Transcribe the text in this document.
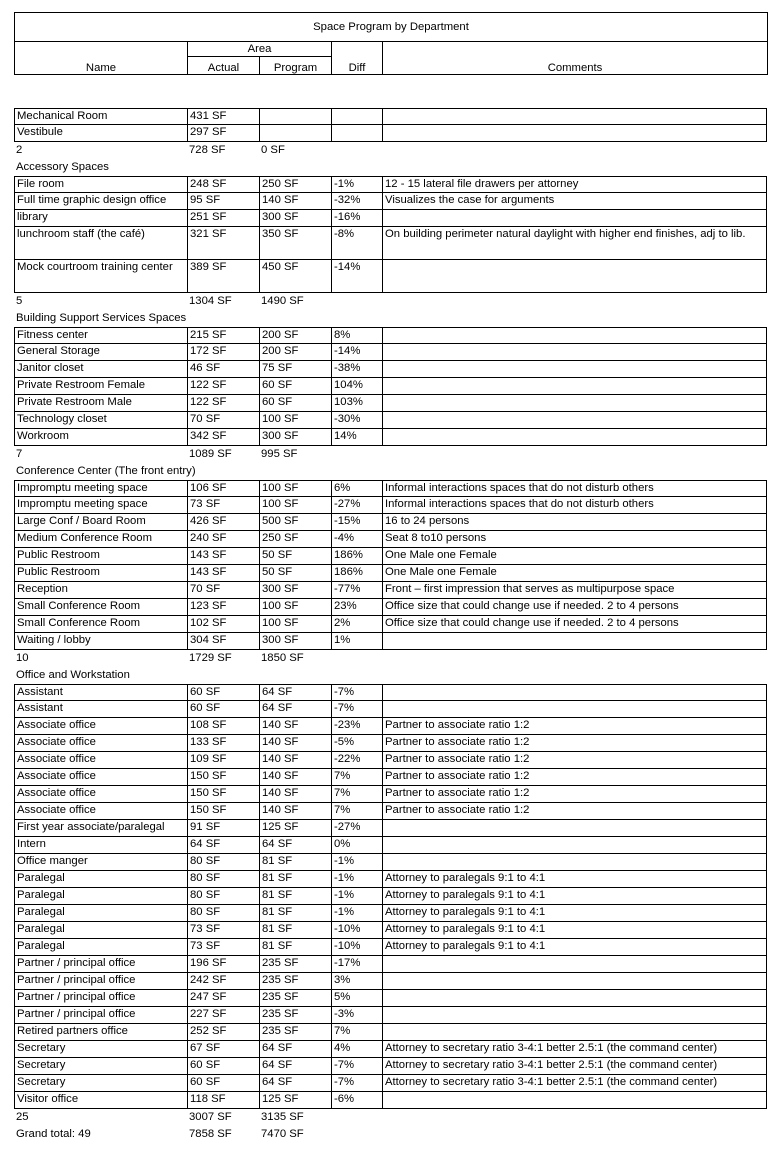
Space Program by Department				
Name	Area		Diff	Comments
	Actual	Program		
Mechanical Room	431 SF
Vestibule	297 SF
2	728 SF	0 SF
Accessory Spaces
File room	248 SF	250 SF	-1%	12 - 15 lateral file drawers per attorney
Full time graphic design office	95 SF	140 SF	-32%	Visualizes the case for arguments
library	251 SF	300 SF	-16%
lunchroom staff (the café)	321 SF	350 SF	-8%	On building perimeter natural daylight with higher end finishes, adj to lib.
Mock courtroom training center	389 SF	450 SF	-14%
5	1304 SF	1490 SF
Building Support Services Spaces
Fitness center	215 SF	200 SF	8%
General Storage	172 SF	200 SF	-14%
Janitor closet	46 SF	75 SF	-38%
Private Restroom Female	122 SF	60 SF	104%
Private Restroom Male	122 SF	60 SF	103%
Technology closet	70 SF	100 SF	-30%
Workroom	342 SF	300 SF	14%
7	1089 SF	995 SF
Conference Center (The front entry)
Impromptu meeting space	106 SF	100 SF	6%	Informal interactions spaces that do not disturb others
Impromptu meeting space	73 SF	100 SF	-27%	Informal interactions spaces that do not disturb others
Large Conf / Board Room	426 SF	500 SF	-15%	16 to 24 persons
Medium Conference Room	240 SF	250 SF	-4%	Seat 8 to10 persons
Public Restroom	143 SF	50 SF	186%	One Male one Female
Public Restroom	143 SF	50 SF	186%	One Male one Female
Reception	70 SF	300 SF	-77%	Front – first impression that serves as multipurpose space
Small Conference Room	123 SF	100 SF	23%	Office size that could change use if needed. 2 to 4 persons
Small Conference Room	102 SF	100 SF	2%	Office size that could change use if needed. 2 to 4 persons
Waiting / lobby	304 SF	300 SF	1%
10	1729 SF	1850 SF
Office and Workstation
Assistant	60 SF	64 SF	-7%
Assistant	60 SF	64 SF	-7%
Associate office	108 SF	140 SF	-23%	Partner to associate ratio 1:2
Associate office	133 SF	140 SF	-5%	Partner to associate ratio 1:2
Associate office	109 SF	140 SF	-22%	Partner to associate ratio 1:2
Associate office	150 SF	140 SF	7%	Partner to associate ratio 1:2
Associate office	150 SF	140 SF	7%	Partner to associate ratio 1:2
Associate office	150 SF	140 SF	7%	Partner to associate ratio 1:2
First year associate/paralegal	91 SF	125 SF	-27%
Intern	64 SF	64 SF	0%
Office manger	80 SF	81 SF	-1%
Paralegal	80 SF	81 SF	-1%	Attorney to paralegals 9:1 to 4:1
Paralegal	80 SF	81 SF	-1%	Attorney to paralegals 9:1 to 4:1
Paralegal	80 SF	81 SF	-1%	Attorney to paralegals 9:1 to 4:1
Paralegal	73 SF	81 SF	-10%	Attorney to paralegals 9:1 to 4:1
Paralegal	73 SF	81 SF	-10%	Attorney to paralegals 9:1 to 4:1
Partner / principal office	196 SF	235 SF	-17%
Partner / principal office	242 SF	235 SF	3%
Partner / principal office	247 SF	235 SF	5%
Partner / principal office	227 SF	235 SF	-3%
Retired partners office	252 SF	235 SF	7%
Secretary	67 SF	64 SF	4%	Attorney to secretary ratio 3-4:1 better 2.5:1 (the command center)
Secretary	60 SF	64 SF	-7%	Attorney to secretary ratio 3-4:1 better 2.5:1 (the command center)
Secretary	60 SF	64 SF	-7%	Attorney to secretary ratio 3-4:1 better 2.5:1 (the command center)
Visitor office	118 SF	125 SF	-6%
25	3007 SF	3135 SF
Grand total: 49	7858 SF	7470 SF
